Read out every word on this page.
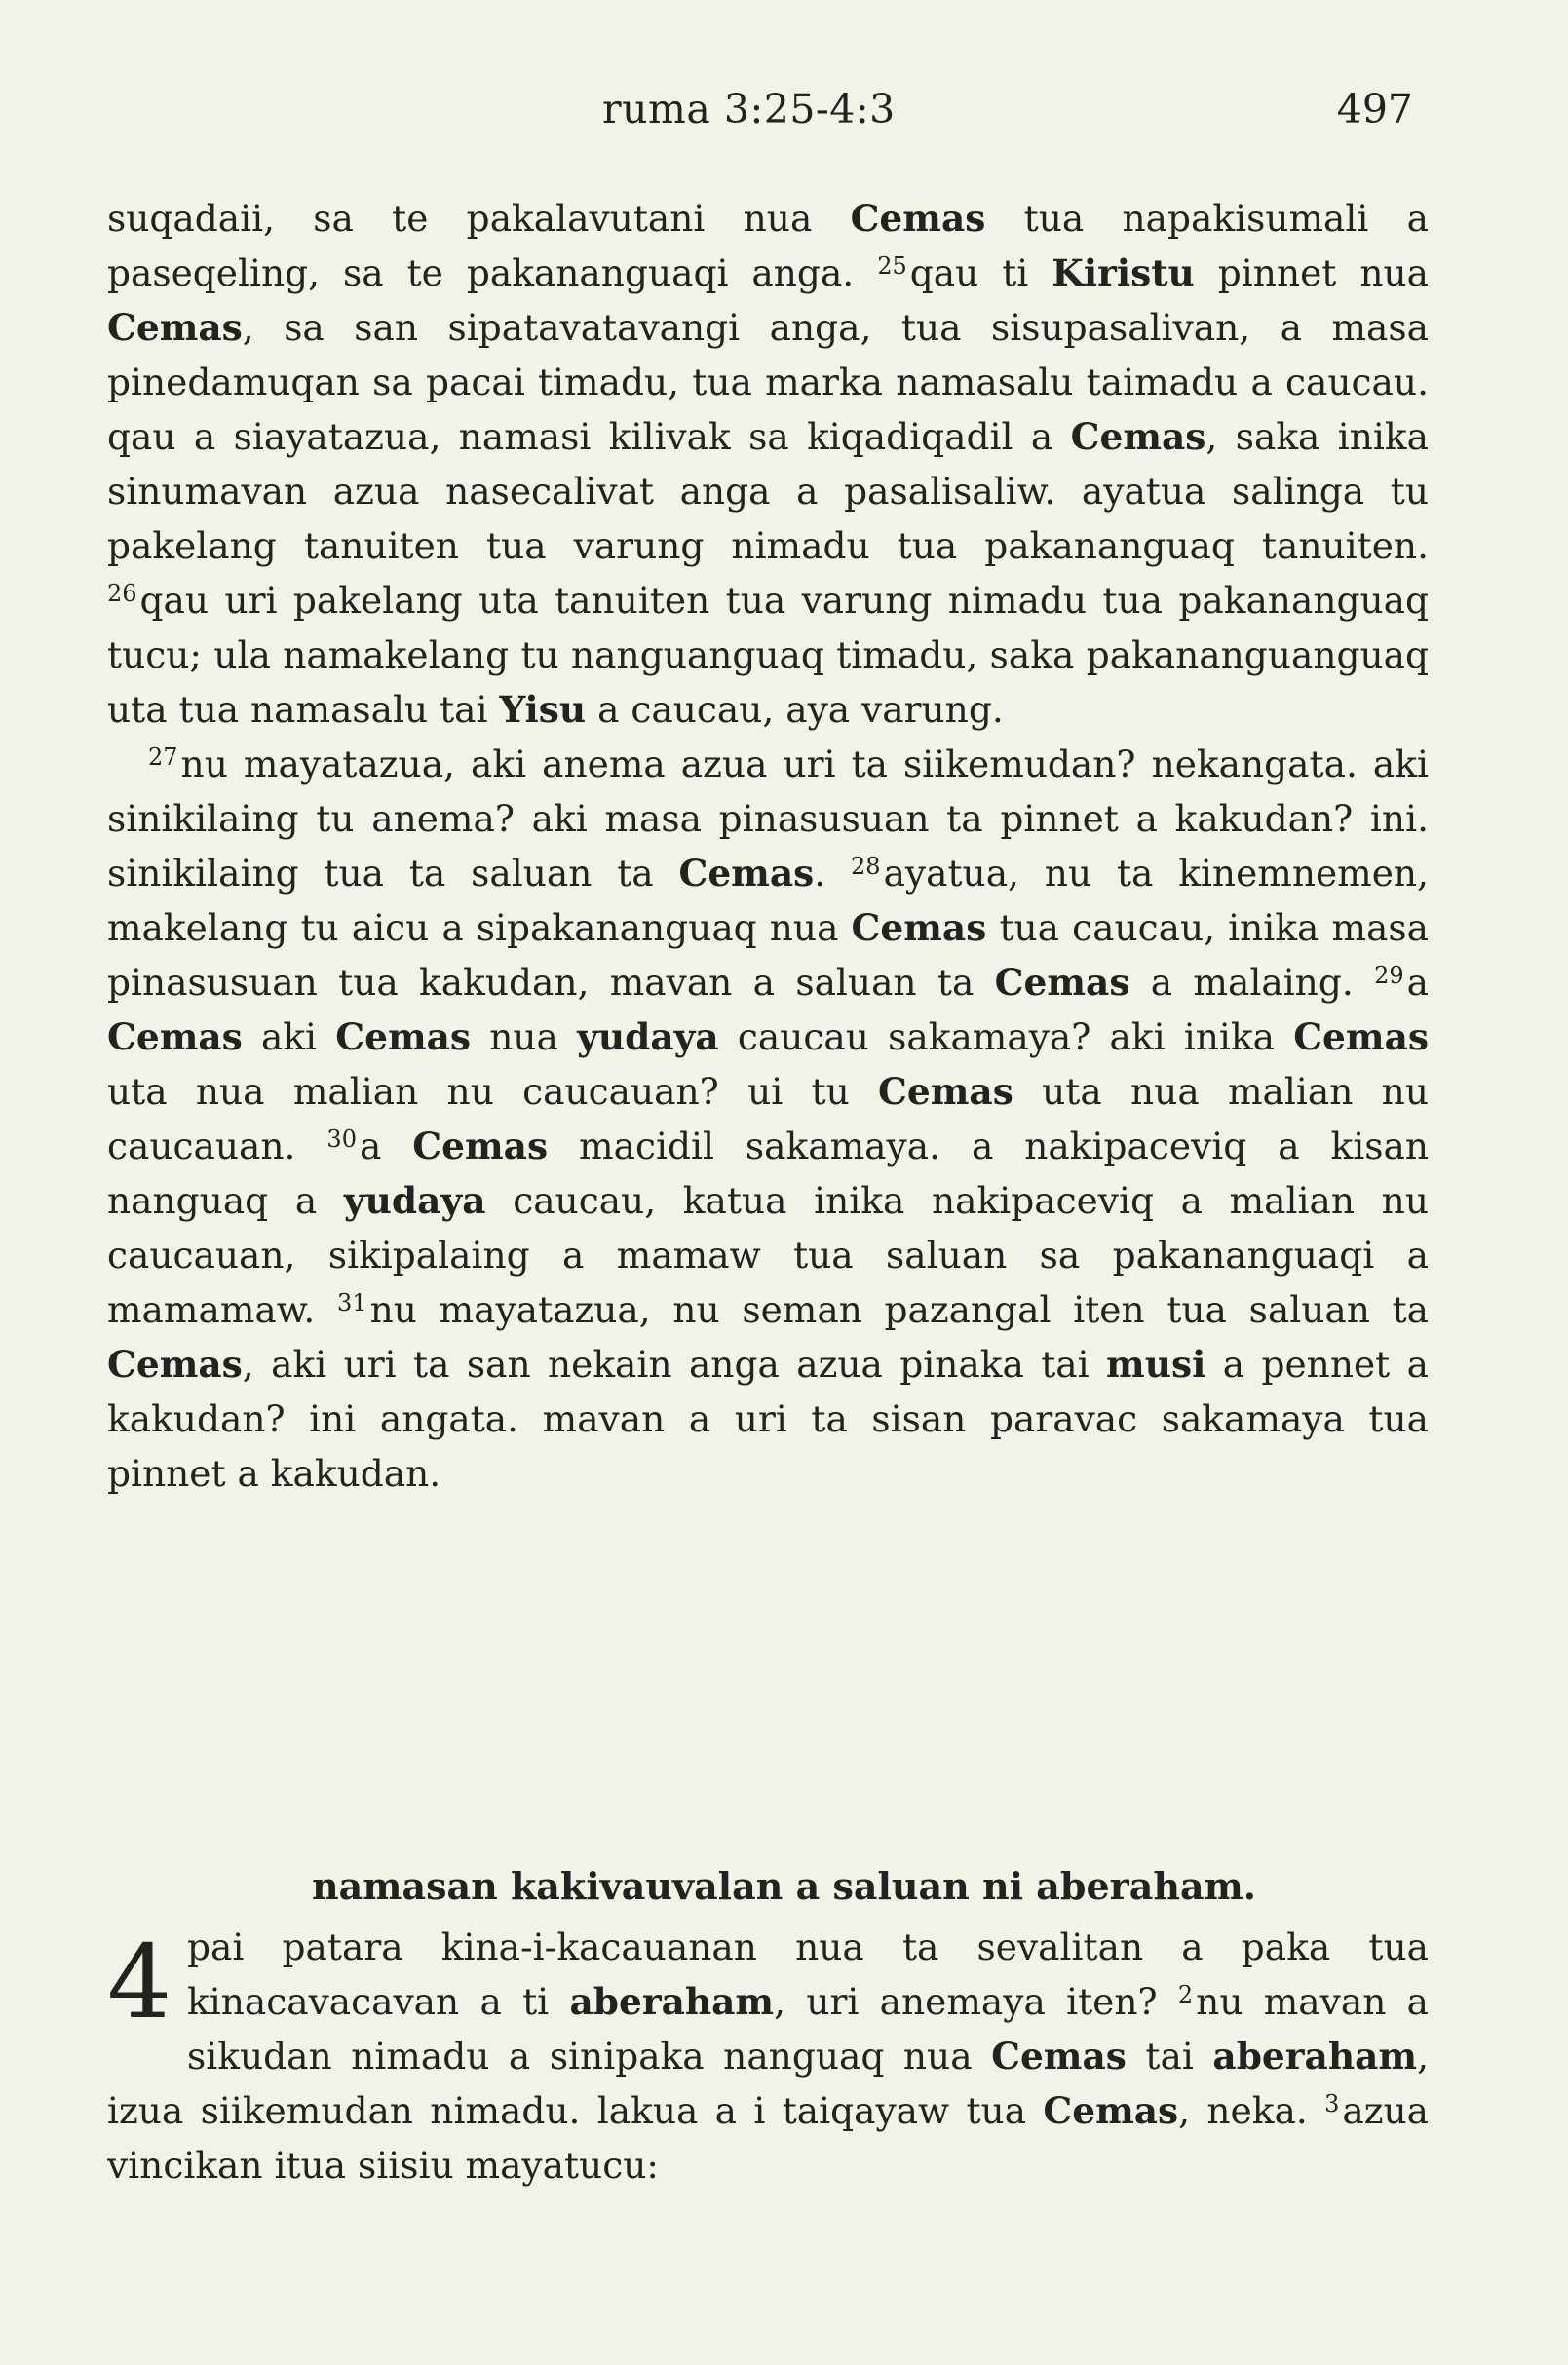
ruma 3:25-4:3	497

suqadaii, sa te pakalavutani nua Cemas tua napakisumali a paseqeling, sa te pakananguaqi anga. $^{25}$qau ti Kiristu pinnet nua Cemas, sa san sipatavatavangi anga, tua sisupasalivan, a masa pinedamuqan sa pacai timadu, tua marka namasalu taimadu a caucau. qau a siayatazua, namasi kilivak sa kiqadiqadil a Cemas, saka inika sinumavan azua nasecalivat anga a pasalisaliw. ayatua salinga tu pakelang tanuiten tua varung nimadu tua pakananguaq tanuiten. $^{26}$qau uri pakelang uta tanuiten tua varung nimadu tua pakananguaq tucu; ula namakelang tu nanguanguaq timadu, saka pakananguanguaq uta tua namasalu tai Yisu a caucau, aya varung.

$^{27}$nu mayatazua, aki anema azua uri ta siikemudan? nekangata. aki sinikilaing tu anema? aki masa pinasusuan ta pinnet a kakudan? ini. sinikilaing tua ta saluan ta Cemas. $^{28}$ayatua, nu ta kinemnemen, makelang tu aicu a sipakananguaq nua Cemas tua caucau, inika masa pinasusuan tua kakudan, mavan a saluan ta Cemas a malaing. $^{29}$a Cemas aki Cemas nua yudaya caucau sakamaya? aki inika Cemas uta nua malian nu caucauan? ui tu Cemas uta nua malian nu caucauan. $^{30}$a Cemas macidil sakamaya. a nakipaceviq a kisan nanguaq a yudaya caucau, katua inika nakipaceviq a malian nu caucauan, sikipalaing a mamaw tua saluan sa pakananguaqi a mamamaw. $^{31}$nu mayatazua, nu seman pazangal iten tua saluan ta Cemas, aki uri ta san nekain anga azua pinaka tai musi a pennet a kakudan? ini angata. mavan a uri ta sisan paravac sakamaya tua pinnet a kakudan.

namasan kakivauvalan a saluan ni aberaham.
4 pai patara kina-i-kacauanan nua ta sevalitan a paka tua kinacavacavan a ti aberaham, uri anemaya iten? $^2$nu mavan a sikudan nimadu a sinipaka nanguaq nua Cemas tai aberaham, izua siikemudan nimadu. lakua a i taiqayaw tua Cemas, neka. $^3$azua vincikan itua siisiu mayatucu:
